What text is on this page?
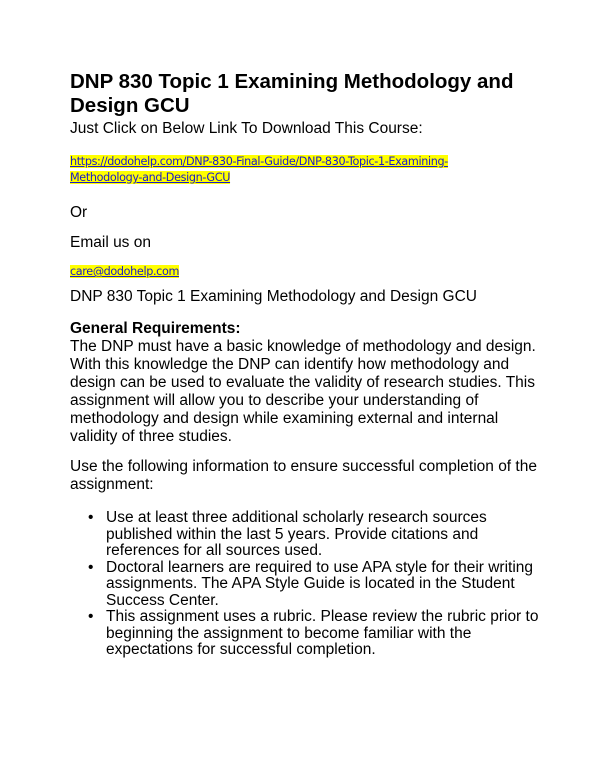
DNP 830 Topic 1 Examining Methodology and Design GCU
Just Click on Below Link To Download This Course:
https://dodohelp.com/DNP-830-Final-Guide/DNP-830-Topic-1-Examining-
Methodology-and-Design-GCU
Or
Email us on
care@dodohelp.com
DNP 830 Topic 1 Examining Methodology and Design GCU
General Requirements:

The DNP must have a basic knowledge of methodology and design. With this knowledge the DNP can identify how methodology and design can be used to evaluate the validity of research studies. This assignment will allow you to describe your understanding of methodology and design while examining external and internal validity of three studies.

Use the following information to ensure successful completion of the assignment:

• Use at least three additional scholarly research sources published within the last 5 years. Provide citations and references for all sources used.
• Doctoral learners are required to use APA style for their writing assignments. The APA Style Guide is located in the Student Success Center.
• This assignment uses a rubric. Please review the rubric prior to beginning the assignment to become familiar with the expectations for successful completion.
